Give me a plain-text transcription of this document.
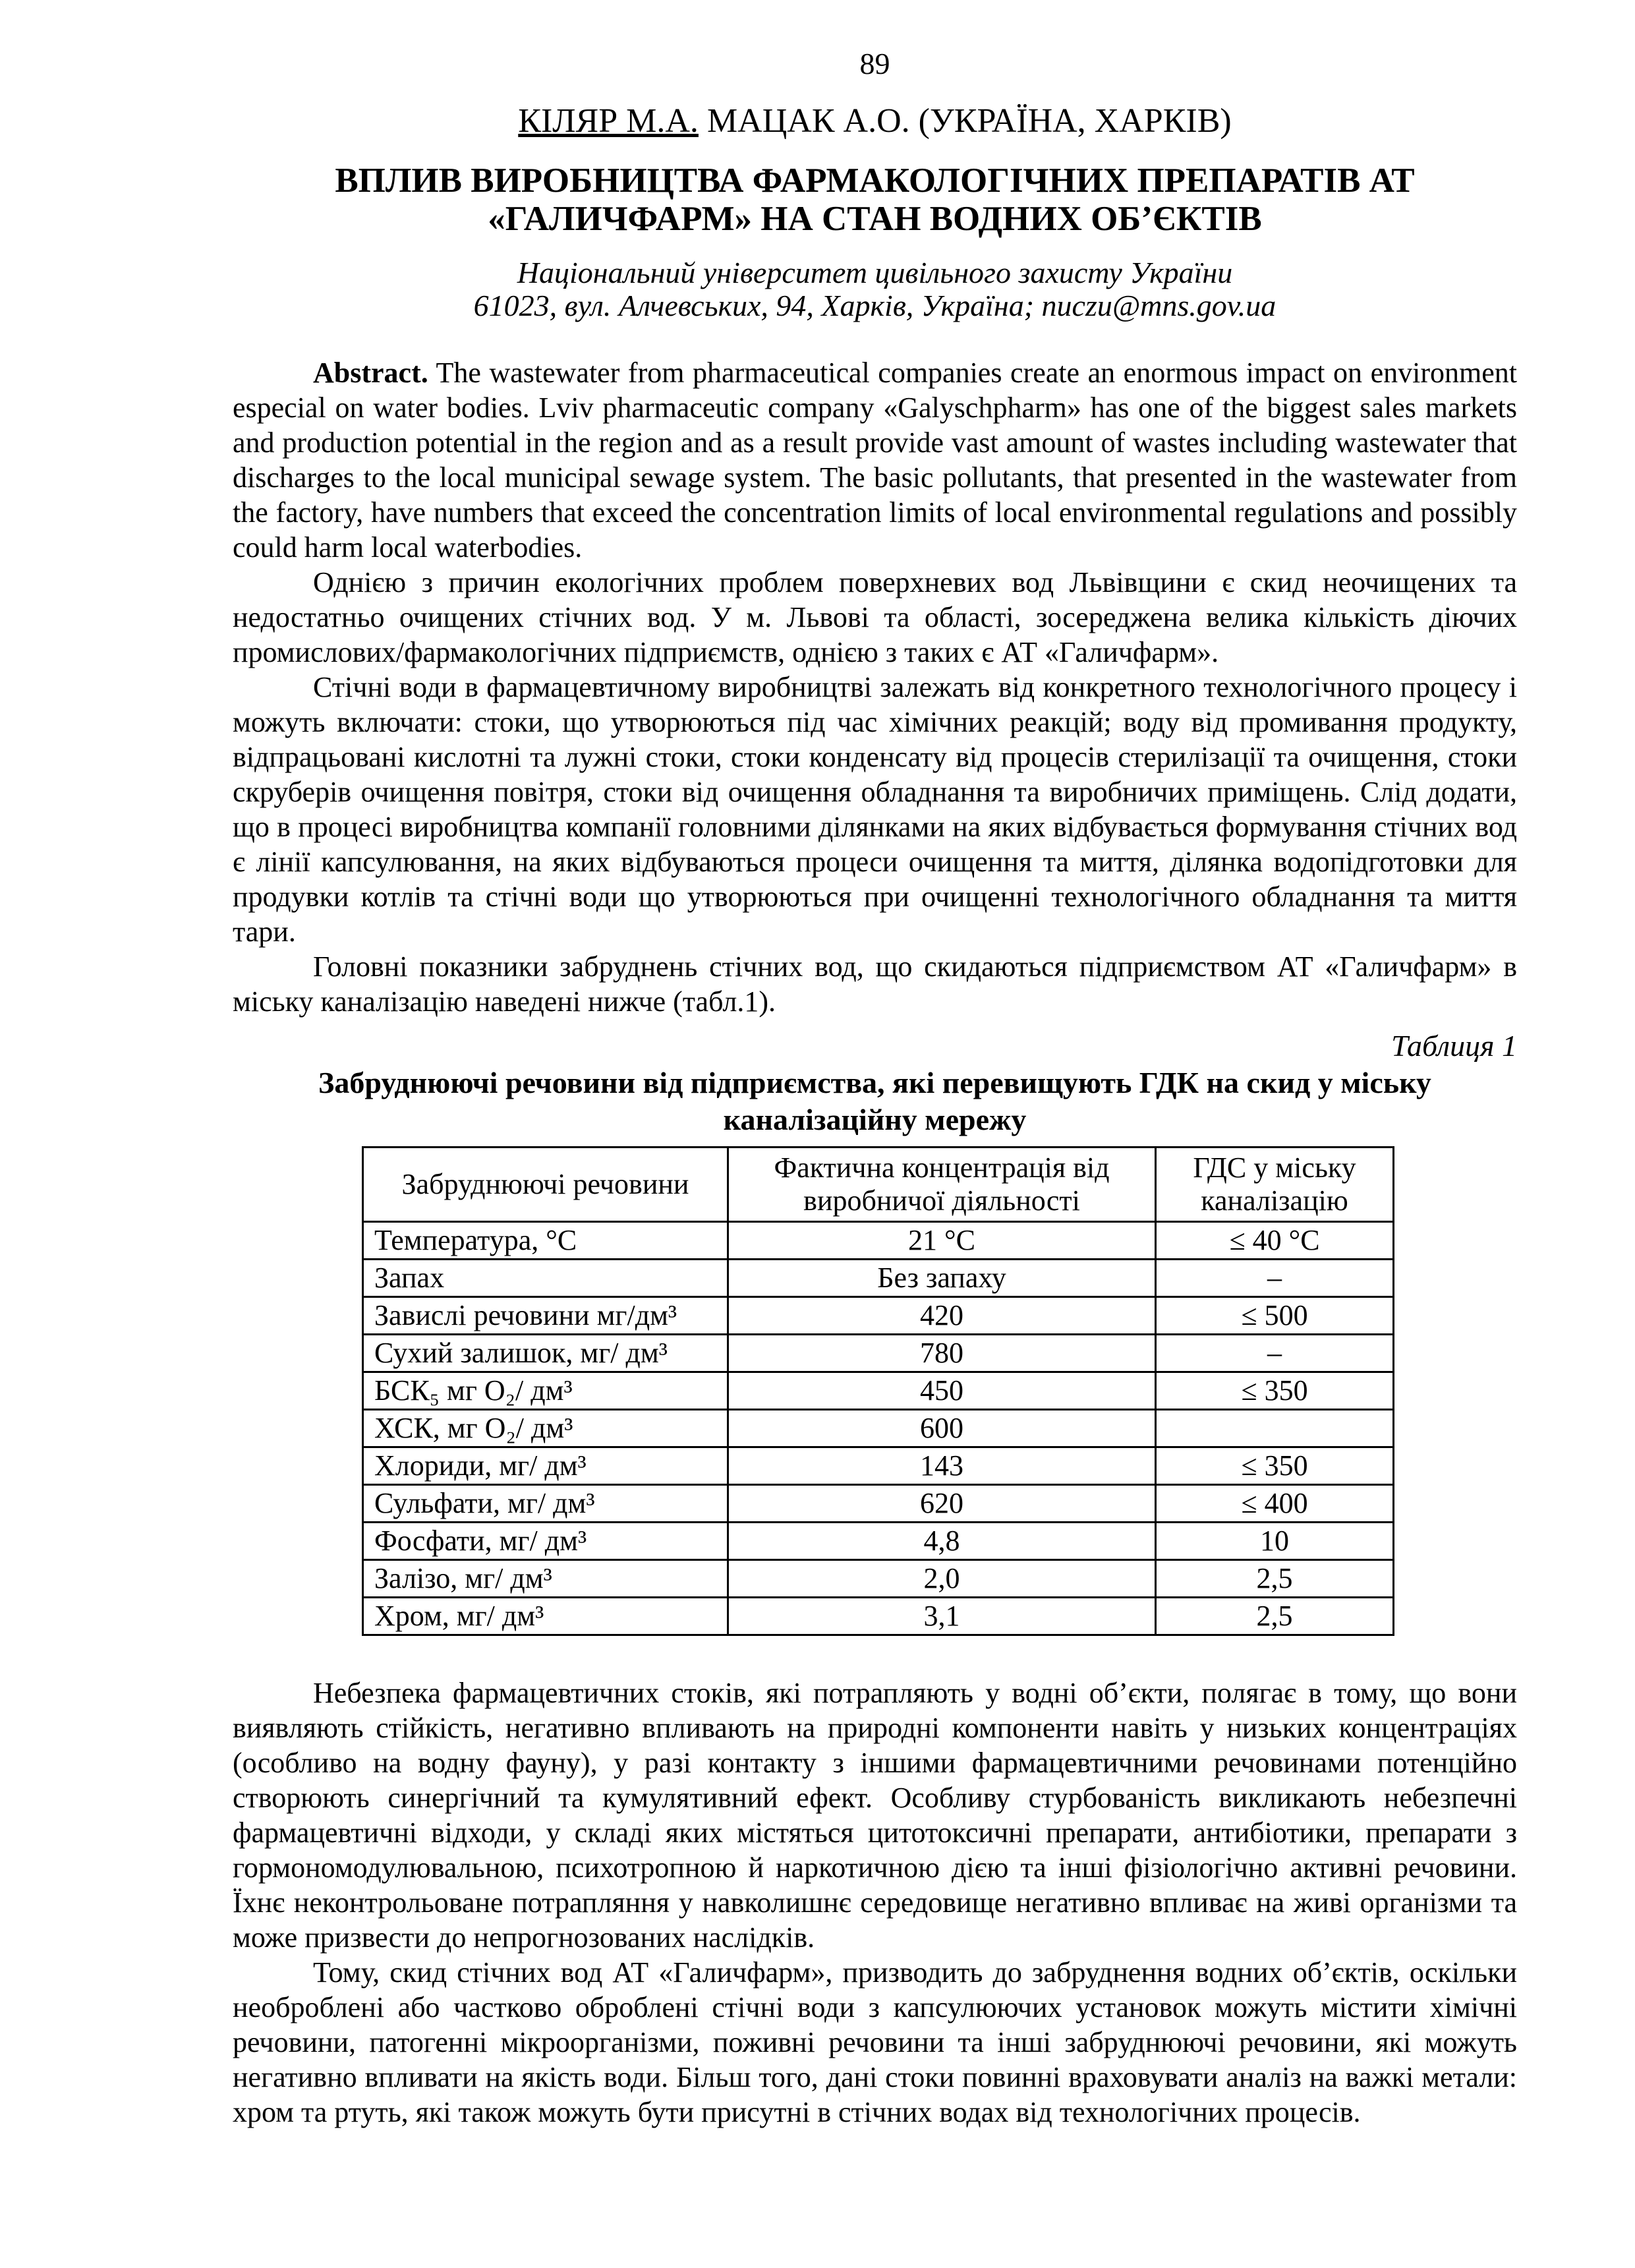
89
КІЛЯР М.А. МАЦАК А.О. (УКРАЇНА, ХАРКІВ)
ВПЛИВ ВИРОБНИЦТВА ФАРМАКОЛОГІЧНИХ ПРЕПАРАТІВ АТ
«ГАЛИЧФАРМ» НА СТАН ВОДНИХ ОБ’ЄКТІВ
Національний університет цивільного захисту України
61023, вул. Алчевських, 94, Харків, Україна; nuczu@mns.gov.ua

Abstract. The wastewater from pharmaceutical companies create an enormous impact on environment especial on water bodies. Lviv pharmaceutic company «Galyschpharm» has one of the biggest sales markets and production potential in the region and as a result provide vast amount of wastes including wastewater that discharges to the local municipal sewage system. The basic pollutants, that presented in the wastewater from the factory, have numbers that exceed the concentration limits of local environmental regulations and possibly could harm local waterbodies.

Однією з причин екологічних проблем поверхневих вод Львівщини є скид неочищених та недостатньо очищених стічних вод. У м. Львові та області, зосереджена велика кількість діючих промислових/фармакологічних підприємств, однією з таких є АТ «Галичфарм».

Стічні води в фармацевтичному виробництві залежать від конкретного технологічного процесу і можуть включати: стоки, що утворюються під час хімічних реакцій; воду від промивання продукту, відпрацьовані кислотні та лужні стоки, стоки конденсату від процесів стерилізації та очищення, стоки скруберів очищення повітря, стоки від очищення обладнання та виробничих приміщень. Слід додати, що в процесі виробництва компанії головними ділянками на яких відбувається формування стічних вод є лінії капсулювання, на яких відбуваються процеси очищення та миття, ділянка водопідготовки для продувки котлів та стічні води що утворюються при очищенні технологічного обладнання та миття тари.

Головні показники забруднень стічних вод, що скидаються підприємством АТ «Галичфарм» в міську каналізацію наведені нижче (табл.1).

Таблиця 1
Забруднюючі речовини від підприємства, які перевищують ГДК на скид у міську
каналізаційну мережу
Забруднюючі речовини	Фактична концентрація від виробничої діяльності	ГДС у міську каналізацію
Температура, °С	21 °С	≤ 40 °С
Запах	Без запаху	–
Завислі речовини мг/дм³	420	≤ 500
Сухий залишок, мг/ дм³	780	–
БСК₅ мг О₂/ дм³	450	≤ 350
ХСК, мг О₂/ дм³	600	
Хлориди, мг/ дм³	143	≤ 350
Сульфати, мг/ дм³	620	≤ 400
Фосфати, мг/ дм³	4,8	10
Залізо, мг/ дм³	2,0	2,5
Хром, мг/ дм³	3,1	2,5

Небезпека фармацевтичних стоків, які потрапляють у водні об’єкти, полягає в тому, що вони виявляють стійкість, негативно впливають на природні компоненти навіть у низьких концентраціях (особливо на водну фауну), у разі контакту з іншими фармацевтичними речовинами потенційно створюють синергічний та кумулятивний ефект. Особливу стурбованість викликають небезпечні фармацевтичні відходи, у складі яких містяться цитотоксичні препарати, антибіотики, препарати з гормономодулювальною, психотропною й наркотичною дією та інші фізіологічно активні речовини. Їхнє неконтрольоване потрапляння у навколишнє середовище негативно впливає на живі організми та може призвести до непрогнозованих наслідків.

Тому, скид стічних вод АТ «Галичфарм», призводить до забруднення водних об’єктів, оскільки необроблені або частково оброблені стічні води з капсулюючих установок можуть містити хімічні речовини, патогенні мікроорганізми, поживні речовини та інші забруднюючі речовини, які можуть негативно впливати на якість води. Більш того, дані стоки повинні враховувати аналіз на важкі метали: хром та ртуть, які також можуть бути присутні в стічних водах від технологічних процесів.
